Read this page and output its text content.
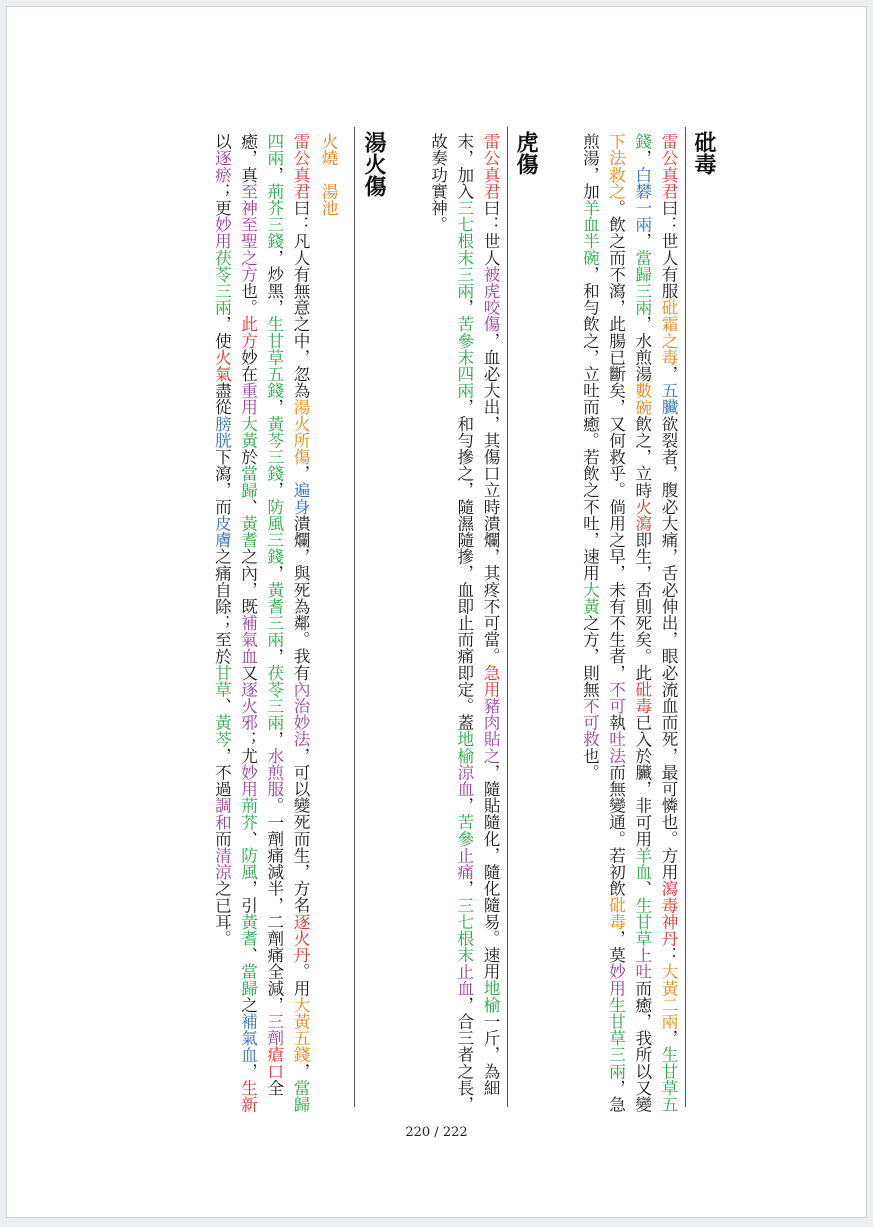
砒毒
雷公真君曰：世人有服砒霜之毒，五臟欲裂者，腹必大痛，舌必伸出，眼必流血而死，最可憐也。方用瀉毒神丹：大黃二兩，生甘草五錢，白礬一兩，當歸三兩，水煎湯數碗飲之，立時火瀉即生，否則死矣。此砒毒已入於臟，非可用羊血、生甘草上吐而癒，我所以又變下法救之。飲之而不瀉，此腸已斷矣，又何救乎。倘用之早，未有不生者，不可執吐法而無變通。若初飲砒毒，莫妙用生甘草三兩，急煎湯，加羊血半碗，和勻飲之，立吐而癒。若飲之不吐，速用大黃之方，則無不可救也。
虎傷
雷公真君曰：世人被虎咬傷，血必大出，其傷口立時潰爛，其疼不可當。急用豬肉貼之，隨貼隨化，隨化隨易。速用地榆一斤，為細末，加入三七根末三兩，苦參末四兩，和勻摻之，隨濕隨摻，血即止而痛即定。蓋地榆涼血，苦參止痛，三七根末止血，合三者之長，故奏功實神。
湯火傷
火燒　湯池
雷公真君曰：凡人有無意之中，忽為湯火所傷，遍身潰爛，與死為鄰。我有內治妙法，可以變死而生，方名逐火丹。用大黃五錢，當歸四兩，荊芥三錢，炒黑，生甘草五錢，黃芩三錢，防風三錢，黃耆三兩，茯苓三兩，水煎服。一劑痛減半，二劑痛全減，三劑瘡口全癒，真至神至聖之方也。此方妙在重用大黃於當歸、黃耆之內，既補氣血又逐火邪；尤妙用荊芥、防風，引黃耆、當歸之補氣血，生新以逐瘀；更妙用茯苓三兩，使火氣盡從膀胱下瀉，而皮膚之痛自除；至於甘草、黃芩，不過調和而清涼之已耳。
220 / 222
